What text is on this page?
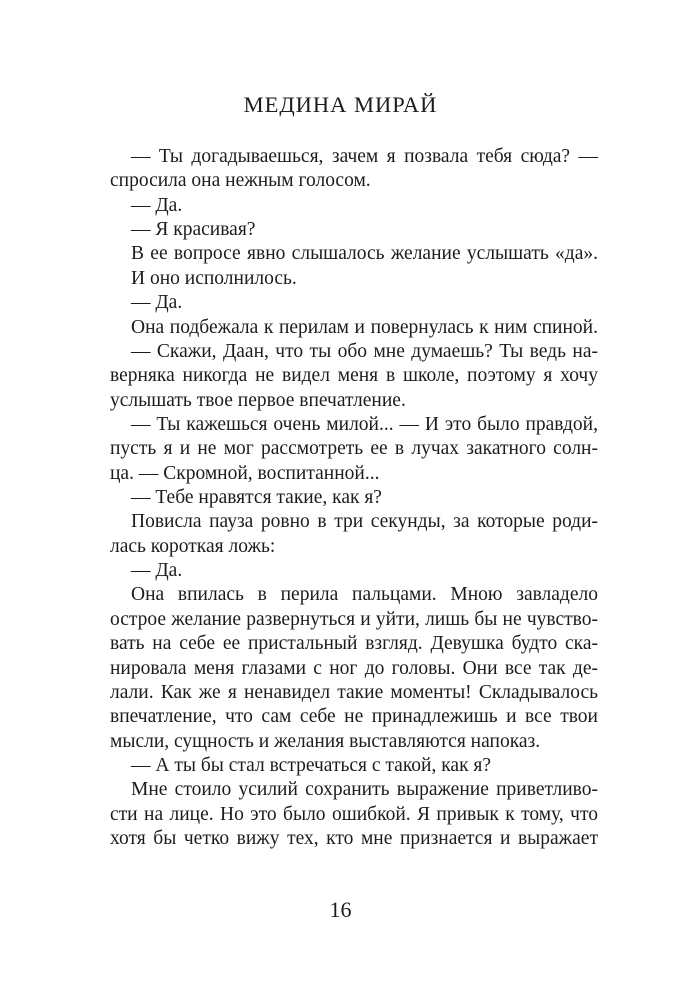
МЕДИНА МИРАЙ
— Ты догадываешься, зачем я позвала тебя сюда? —
спросила она нежным голосом.
— Да.
— Я красивая?
В ее вопросе явно слышалось желание услышать «да».
И оно исполнилось.
— Да.
Она подбежала к перилам и повернулась к ним спиной.
— Скажи, Даан, что ты обо мне думаешь? Ты ведь на-
верняка никогда не видел меня в школе, поэтому я хочу
услышать твое первое впечатление.
— Ты кажешься очень милой... — И это было правдой,
пусть я и не мог рассмотреть ее в лучах закатного солн-
ца. — Скромной, воспитанной...
— Тебе нравятся такие, как я?
Повисла пауза ровно в три секунды, за которые роди-
лась короткая ложь:
— Да.
Она впилась в перила пальцами. Мною завладело
острое желание развернуться и уйти, лишь бы не чувство-
вать на себе ее пристальный взгляд. Девушка будто ска-
нировала меня глазами с ног до головы. Они все так де-
лали. Как же я ненавидел такие моменты! Складывалось
впечатление, что сам себе не принадлежишь и все твои
мысли, сущность и желания выставляются напоказ.
— А ты бы стал встречаться с такой, как я?
Мне стоило усилий сохранить выражение приветливо-
сти на лице. Но это было ошибкой. Я привык к тому, что
хотя бы четко вижу тех, кто мне признается и выражает
16
